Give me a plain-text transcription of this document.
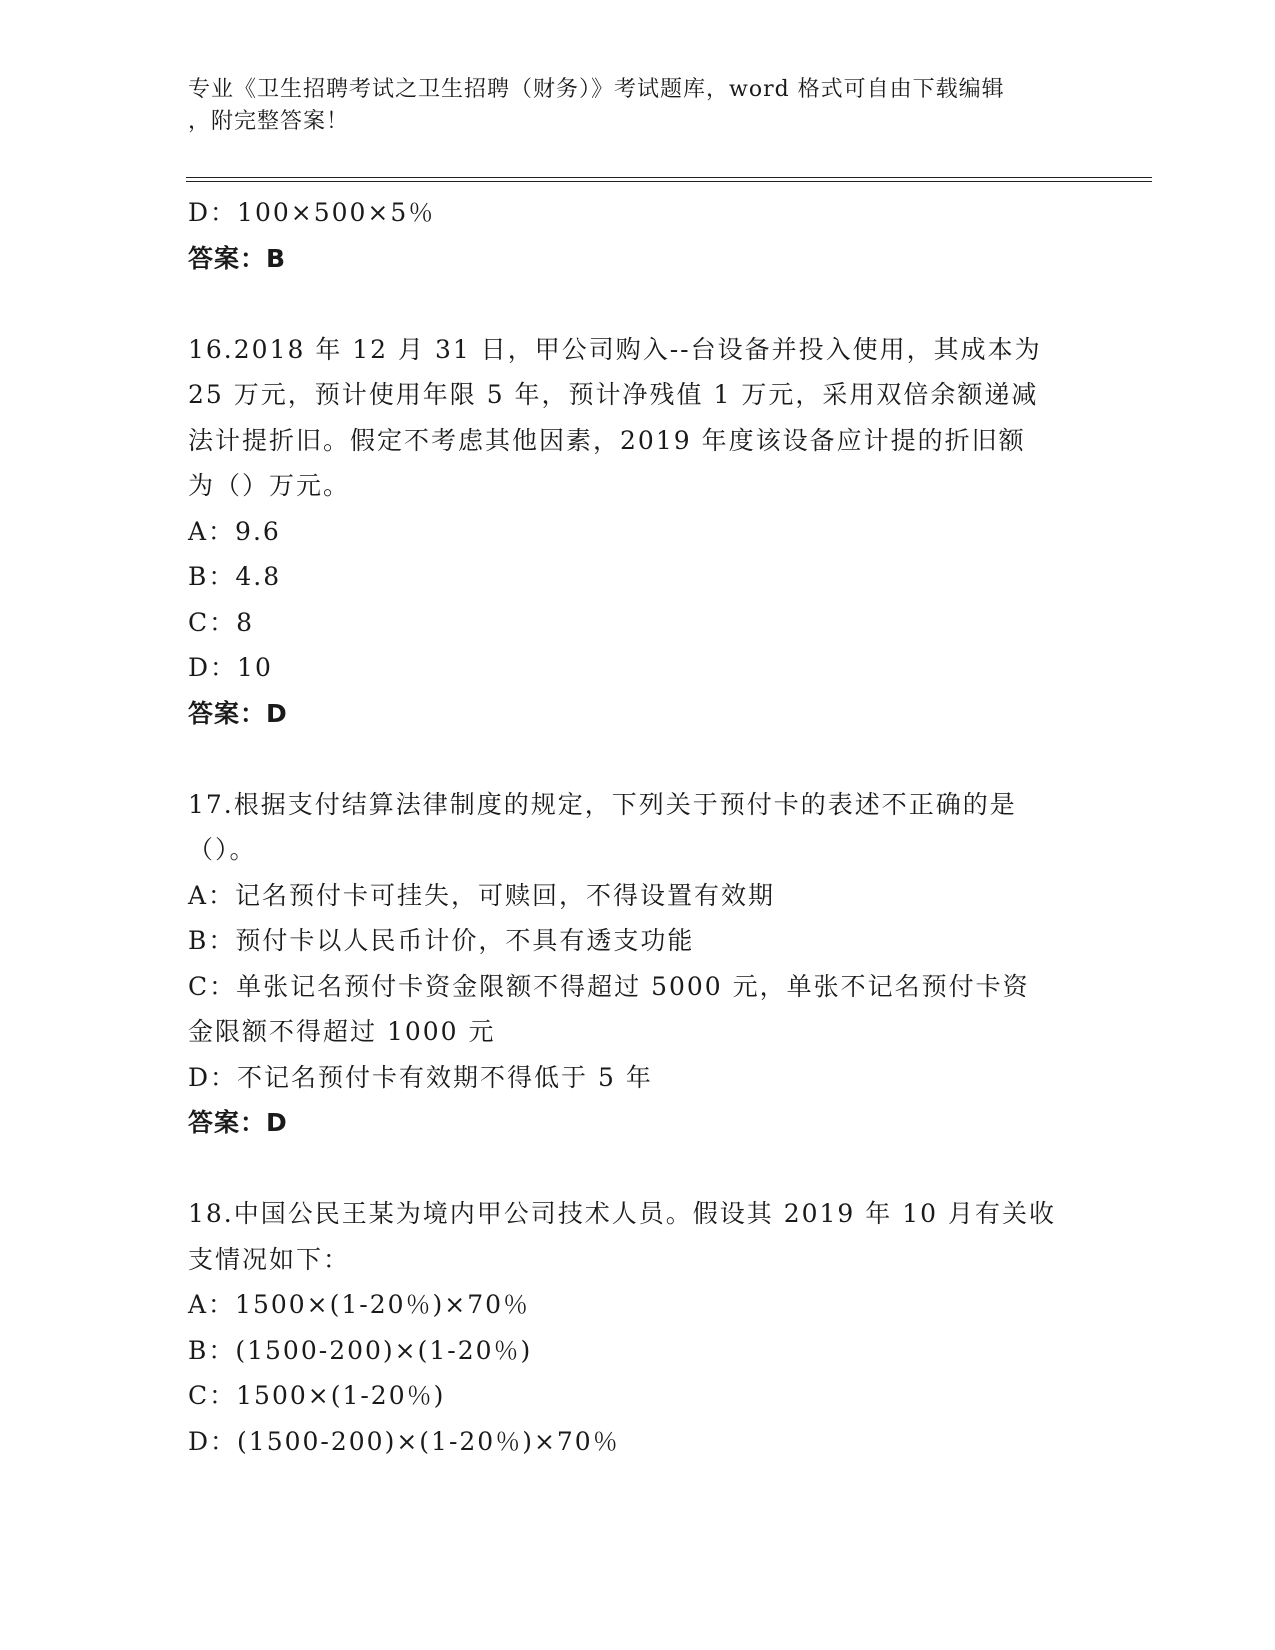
专业《卫生招聘考试之卫生招聘（财务）》考试题库，word 格式可自由下载编辑
，附完整答案！
D：100×500×5％
答案：B
16.2018 年 12 月 31 日，甲公司购入--台设备并投入使用，其成本为
25 万元，预计使用年限 5 年，预计净残值 1 万元，采用双倍余额递减
法计提折旧。假定不考虑其他因素，2019 年度该设备应计提的折旧额
为（）万元。
A：9.6
B：4.8
C：8
D：10
答案：D
17.根据支付结算法律制度的规定，下列关于预付卡的表述不正确的是
（）。
A：记名预付卡可挂失，可赎回，不得设置有效期
B：预付卡以人民币计价，不具有透支功能
C：单张记名预付卡资金限额不得超过 5000 元，单张不记名预付卡资
金限额不得超过 1000 元
D：不记名预付卡有效期不得低于 5 年
答案：D
18.中国公民王某为境内甲公司技术人员。假设其 2019 年 10 月有关收
支情况如下：
A：1500×(1-20％)×70％
B：(1500-200)×(1-20％)
C：1500×(1-20％)
D：(1500-200)×(1-20％)×70％
